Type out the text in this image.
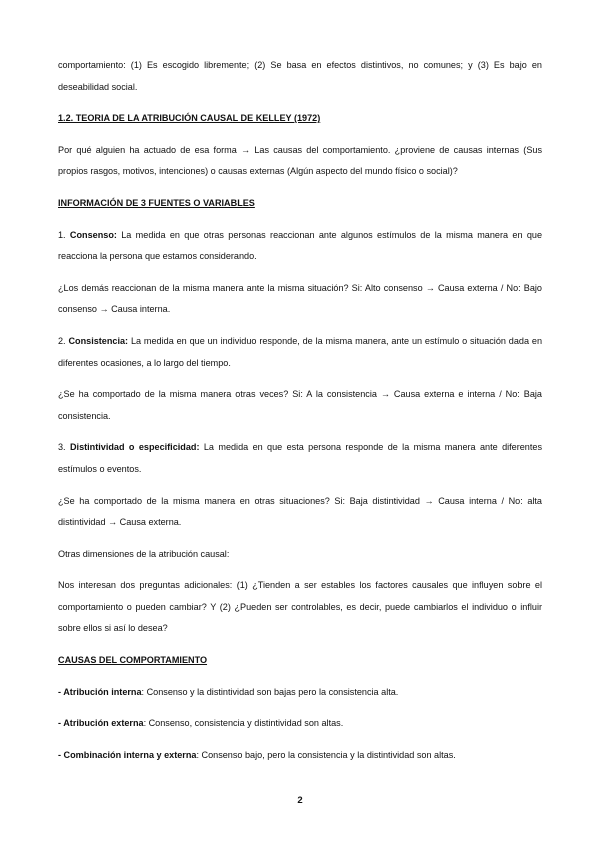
comportamiento: (1) Es escogido libremente; (2) Se basa en efectos distintivos, no comunes; y (3) Es bajo en deseabilidad social.

1.2. TEORIA DE LA ATRIBUCIÓN CAUSAL DE KELLEY (1972)

Por qué alguien ha actuado de esa forma → Las causas del comportamiento. ¿proviene de causas internas (Sus propios rasgos, motivos, intenciones) o causas externas (Algún aspecto del mundo físico o social)?

INFORMACIÓN DE 3 FUENTES O VARIABLES

1. Consenso: La medida en que otras personas reaccionan ante algunos estímulos de la misma manera en que reacciona la persona que estamos considerando.

¿Los demás reaccionan de la misma manera ante la misma situación? Si: Alto consenso → Causa externa / No: Bajo consenso → Causa interna.

2. Consistencia: La medida en que un individuo responde, de la misma manera, ante un estímulo o situación dada en diferentes ocasiones, a lo largo del tiempo.

¿Se ha comportado de la misma manera otras veces? Si: A la consistencia → Causa externa e interna / No: Baja consistencia.

3. Distintividad o especificidad: La medida en que esta persona responde de la misma manera ante diferentes estímulos o eventos.

¿Se ha comportado de la misma manera en otras situaciones? Si: Baja distintividad → Causa interna / No: alta distintividad → Causa externa.

Otras dimensiones de la atribución causal:

Nos interesan dos preguntas adicionales: (1) ¿Tienden a ser estables los factores causales que influyen sobre el comportamiento o pueden cambiar? Y (2) ¿Pueden ser controlables, es decir, puede cambiarlos el individuo o influir sobre ellos si así lo desea?

CAUSAS DEL COMPORTAMIENTO

- Atribución interna: Consenso y la distintividad son bajas pero la consistencia alta.

- Atribución externa: Consenso, consistencia y distintividad son altas.

- Combinación interna y externa: Consenso bajo, pero la consistencia y la distintividad son altas.

2
